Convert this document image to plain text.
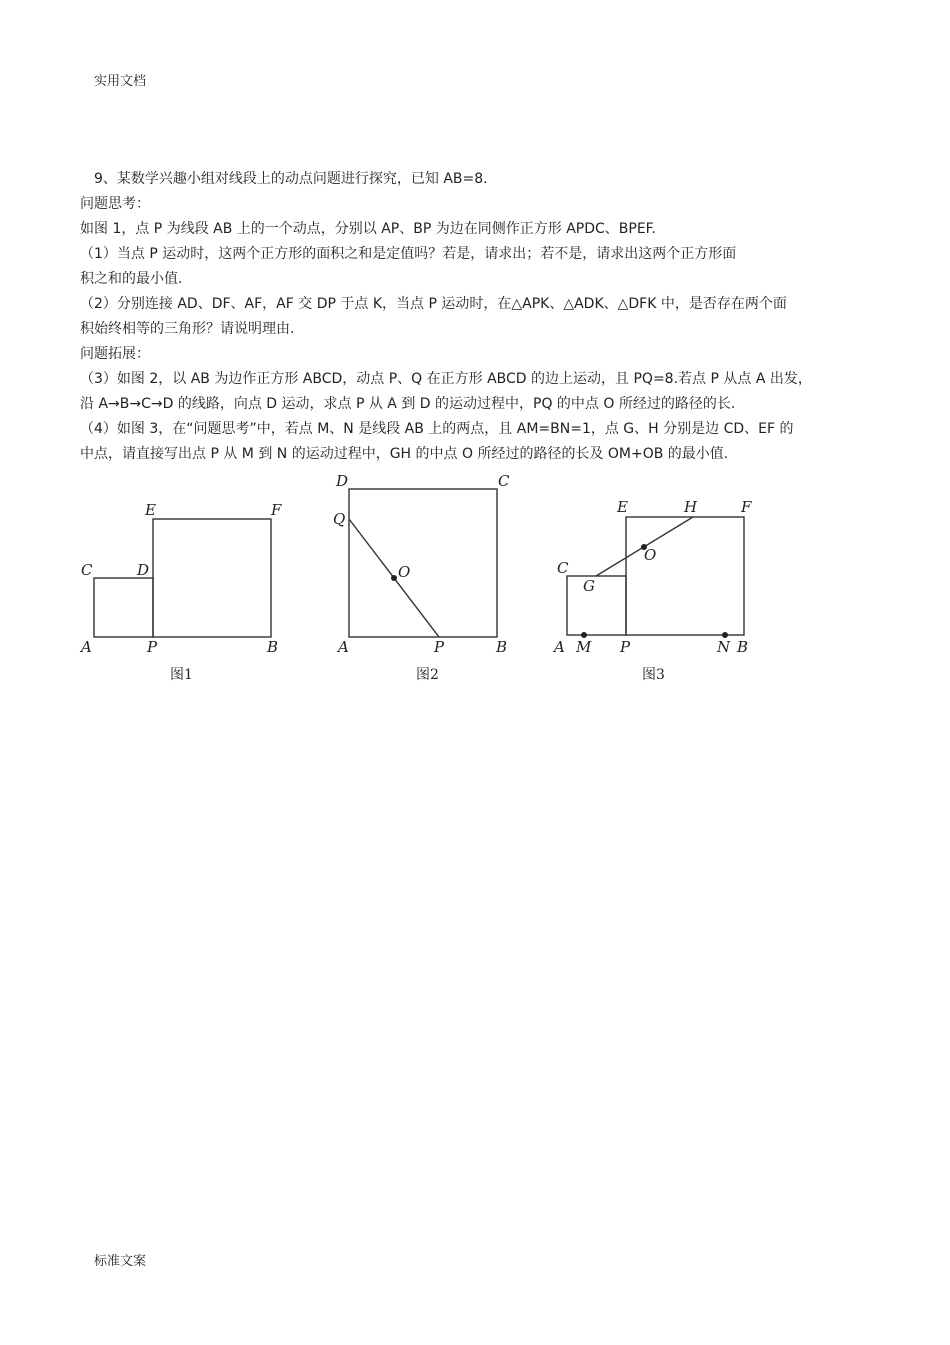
实用文档
9、某数学兴趣小组对线段上的动点问题进行探究，已知 AB=8.
问题思考：
如图 1，点 P 为线段 AB 上的一个动点，分别以 AP、BP 为边在同侧作正方形 APDC、BPEF.
（1）当点 P 运动时，这两个正方形的面积之和是定值吗？若是，请求出；若不是，请求出这两个正方形面
积之和的最小值.
（2）分别连接 AD、DF、AF，AF 交 DP 于点 K，当点 P 运动时，在△APK、△ADK、△DFK 中，是否存在两个面
积始终相等的三角形？请说明理由.
问题拓展：
（3）如图 2，以 AB 为边作正方形 ABCD，动点 P、Q 在正方形 ABCD 的边上运动，且 PQ=8.若点 P 从点 A 出发，
沿 A→B→C→D 的线路，向点 D 运动，求点 P 从 A 到 D 的运动过程中，PQ 的中点 O 所经过的路径的长.
（4）如图 3，在“问题思考”中，若点 M、N 是线段 AB 上的两点，且 AM=BN=1，点 G、H 分别是边 CD、EF 的
中点，请直接写出点 P 从 M 到 N 的运动过程中，GH 的中点 O 所经过的路径的长及 OM+OB 的最小值.
C	D
E	F
A	P	B
图1
D	C
Q
O
A	P	B
图2
E	H	F
O
C
G
A M P	N B
图3
标准文案
